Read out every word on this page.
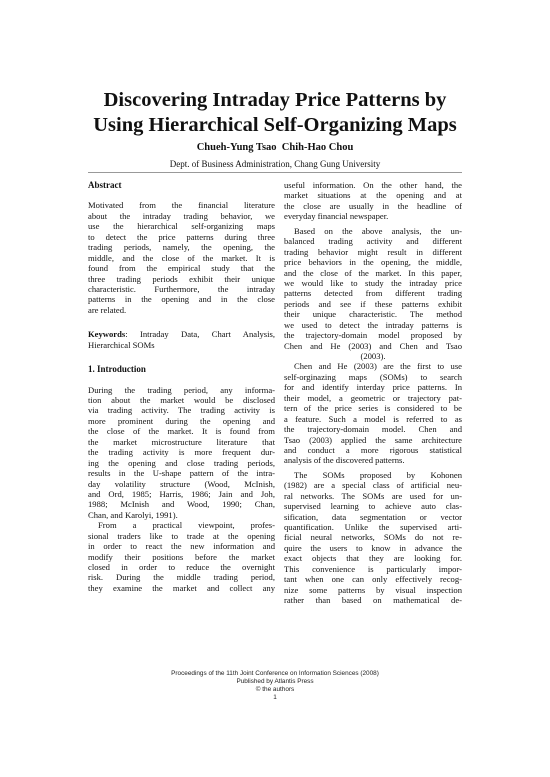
Discovering Intraday Price Patterns by
Using Hierarchical Self-Organizing Maps
Chueh-Yung Tsao  Chih-Hao Chou
Dept. of Business Administration, Chang Gung University
Abstract
Motivated from the financial literature
about the intraday trading behavior, we
use the hierarchical self-organizing maps
to detect the price patterns during three
trading periods, namely, the opening, the
middle, and the close of the market. It is
found from the empirical study that the
three trading periods exhibit their unique
characteristic. Furthermore, the intraday
patterns in the opening and in the close
are related.
Keywords: Intraday Data, Chart Analysis,
Hierarchical SOMs
1. Introduction
During the trading period, any informa-
tion about the market would be disclosed
via trading activity. The trading activity is
more prominent during the opening and
the close of the market. It is found from
the market microstructure literature that
the trading activity is more frequent dur-
ing the opening and close trading periods,
results in the U-shape pattern of the intra-
day volatility structure (Wood, McInish,
and Ord, 1985; Harris, 1986; Jain and Joh,
1988; McInish and Wood, 1990; Chan,
Chan, and Karolyi, 1991).
From a practical viewpoint, profes-
sional traders like to trade at the opening
in order to react the new information and
modify their positions before the market
closed in order to reduce the overnight
risk. During the middle trading period,
they examine the market and collect any
useful information. On the other hand, the
market situations at the opening and at
the close are usually in the headline of
everyday financial newspaper.
Based on the above analysis, the un-
balanced trading activity and different
trading behavior might result in different
price behaviors in the opening, the middle,
and the close of the market. In this paper,
we would like to study the intraday price
patterns detected from different trading
periods and see if these patterns exhibit
their unique characteristic. The method
we used to detect the intraday patterns is
the trajectory-domain model proposed by
Chen and He (2003) and Chen and Tsao
(2003).
Chen and He (2003) are the first to use
self-orginazing maps (SOMs) to search
for and identify interday price patterns. In
their model, a geometric or trajectory pat-
tern of the price series is considered to be
a feature. Such a model is referred to as
the trajectory-domain model. Chen and
Tsao (2003) applied the same architecture
and conduct a more rigorous statistical
analysis of the discovered patterns.
The SOMs proposed by Kohonen
(1982) are a special class of artificial neu-
ral networks. The SOMs are used for un-
supervised learning to achieve auto clas-
sification, data segmentation or vector
quantification. Unlike the supervised arti-
ficial neural networks, SOMs do not re-
quire the users to know in advance the
exact objects that they are looking for.
This convenience is particularly impor-
tant when one can only effectively recog-
nize some patterns by visual inspection
rather than based on mathematical de-
Proceedings of the 11th Joint Conference on Information Sciences (2008)
Published by Atlantis Press
© the authors
1
